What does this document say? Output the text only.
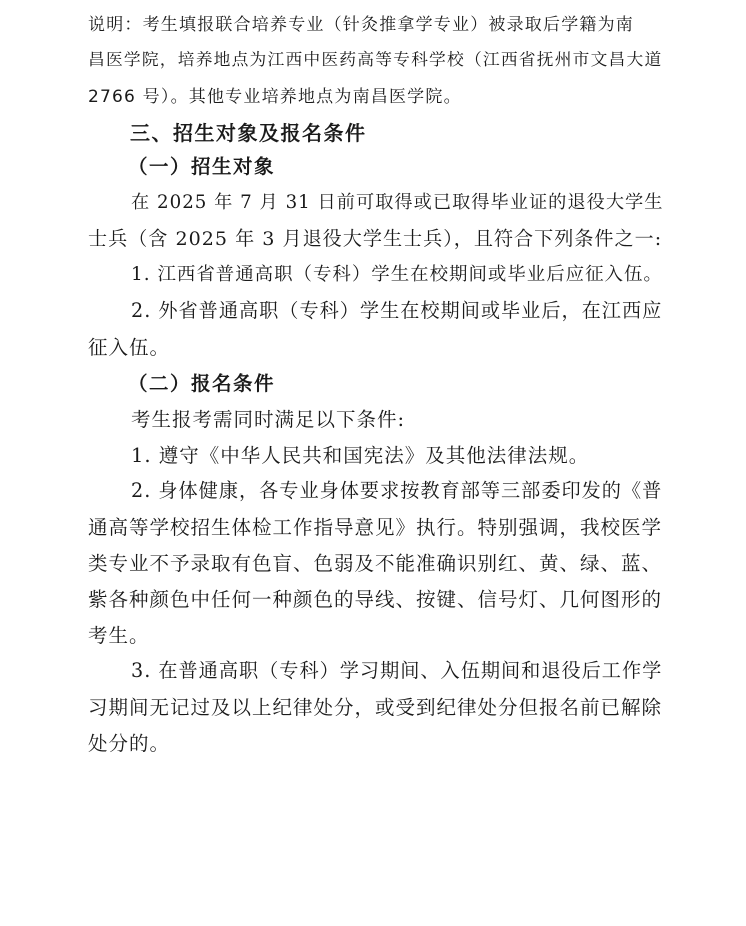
说明：考生填报联合培养专业（针灸推拿学专业）被录取后学籍为南
昌医学院，培养地点为江西中医药高等专科学校（江西省抚州市文昌大道
2766 号）。其他专业培养地点为南昌医学院。
三、招生对象及报名条件
（一）招生对象
在 2025 年 7 月 31 日前可取得或已取得毕业证的退役大学生
士兵（含 2025 年 3 月退役大学生士兵），且符合下列条件之一:
1. 江西省普通高职（专科）学生在校期间或毕业后应征入伍。
2. 外省普通高职（专科）学生在校期间或毕业后，在江西应
征入伍。
（二）报名条件
考生报考需同时满足以下条件:
1. 遵守《中华人民共和国宪法》及其他法律法规。
2. 身体健康，各专业身体要求按教育部等三部委印发的《普
通高等学校招生体检工作指导意见》执行。特别强调，我校医学
类专业不予录取有色盲、色弱及不能准确识别红、黄、绿、蓝、
紫各种颜色中任何一种颜色的导线、按键、信号灯、几何图形的
考生。
3. 在普通高职（专科）学习期间、入伍期间和退役后工作学
习期间无记过及以上纪律处分，或受到纪律处分但报名前已解除
处分的。
